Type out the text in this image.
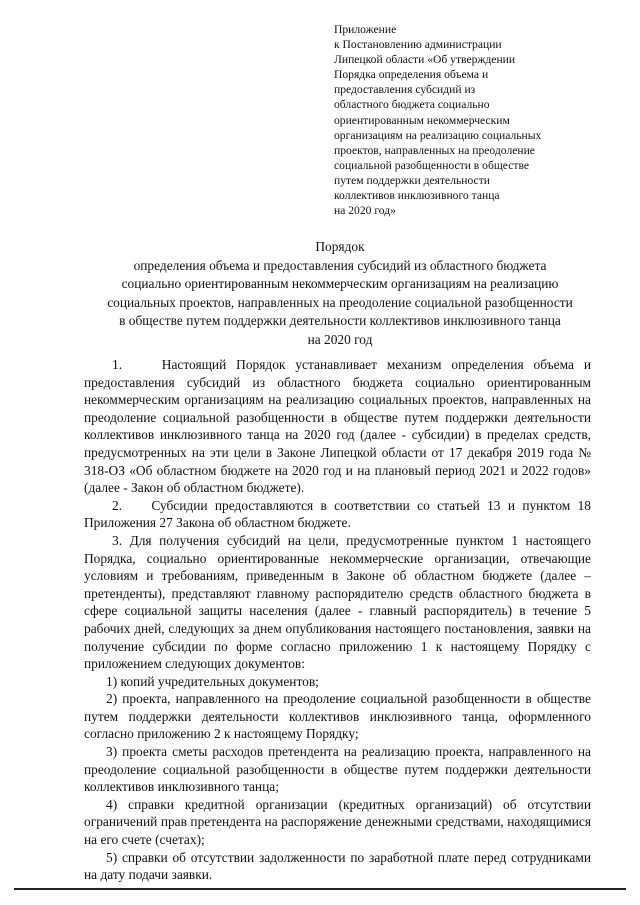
Приложение
к Постановлению администрации
Липецкой области «Об утверждении
Порядка определения объема и
предоставления субсидий из
областного бюджета социально
ориентированным некоммерческим
организациям на реализацию социальных
проектов, направленных на преодоление
социальной разобщенности в обществе
путем поддержки деятельности
коллективов инклюзивного танца
на 2020 год»
Порядок
определения объема и предоставления субсидий из областного бюджета
социально ориентированным некоммерческим организациям на реализацию
социальных проектов, направленных на преодоление социальной разобщенности
в обществе путем поддержки деятельности коллективов инклюзивного танца
на 2020 год

1.    Настоящий Порядок устанавливает механизм определения объема и предоставления субсидий из областного бюджета социально ориентированным некоммерческим организациям на реализацию социальных проектов, направленных на преодоление социальной разобщенности в обществе путем поддержки деятельности коллективов инклюзивного танца на 2020 год (далее - субсидии) в пределах средств, предусмотренных на эти цели в Законе Липецкой области от 17 декабря 2019 года № 318-ОЗ «Об областном бюджете на 2020 год и на плановый период 2021 и 2022 годов» (далее - Закон об областном бюджете).

2.    Субсидии предоставляются в соответствии со статьей 13 и пунктом 18 Приложения 27 Закона об областном бюджете.

3. Для получения субсидий на цели, предусмотренные пунктом 1 настоящего Порядка, социально ориентированные некоммерческие организации, отвечающие условиям и требованиям, приведенным в Законе об областном бюджете (далее – претенденты), представляют главному распорядителю средств областного бюджета в сфере социальной защиты населения (далее - главный распорядитель) в течение 5 рабочих дней, следующих за днем опубликования настоящего постановления, заявки на получение субсидии по форме согласно приложению 1 к настоящему Порядку с приложением следующих документов:

1) копий учредительных документов;

2) проекта, направленного на преодоление социальной разобщенности в обществе путем поддержки деятельности коллективов инклюзивного танца, оформленного согласно приложению 2 к настоящему Порядку;

3) проекта сметы расходов претендента на реализацию проекта, направленного на преодоление социальной разобщенности в обществе путем поддержки деятельности коллективов инклюзивного танца;

4) справки кредитной организации (кредитных организаций) об отсутствии ограничений прав претендента на распоряжение денежными средствами, находящимися на его счете (счетах);

5) справки об отсутствии задолженности по заработной плате перед сотрудниками на дату подачи заявки.
